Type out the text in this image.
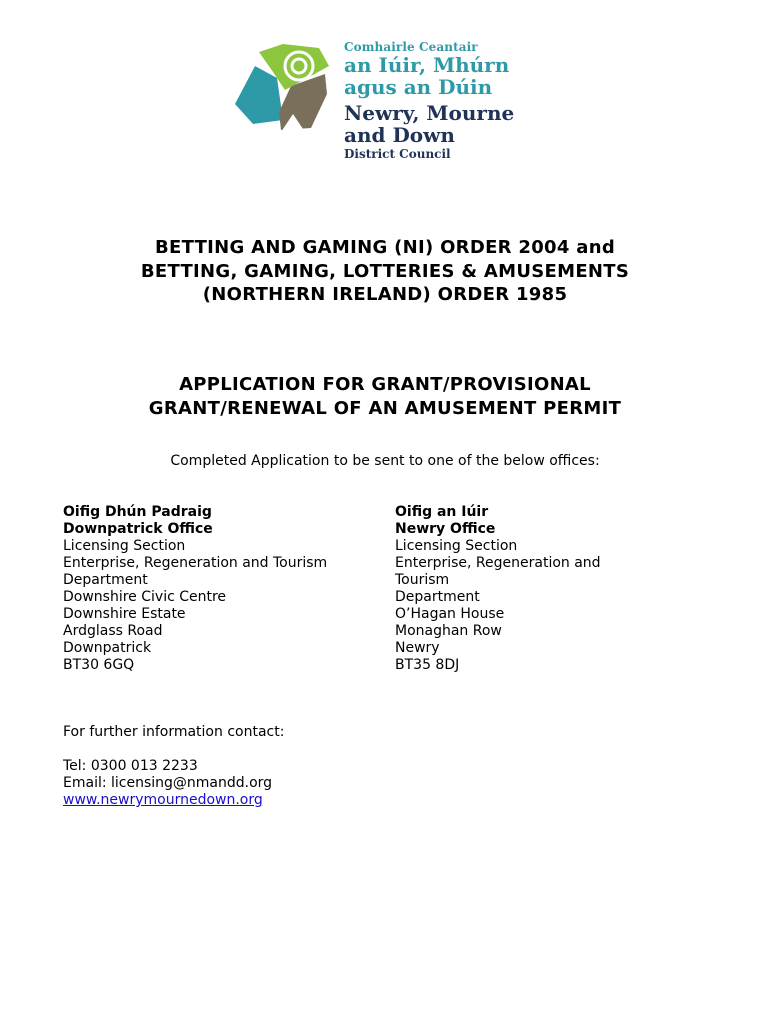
Comhairle Ceantair
an Iúir, Mhúrn
agus an Dúin
Newry, Mourne
and Down
District Council
BETTING AND GAMING (NI) ORDER 2004 and
BETTING, GAMING, LOTTERIES & AMUSEMENTS
(NORTHERN IRELAND) ORDER 1985
APPLICATION FOR GRANT/PROVISIONAL
GRANT/RENEWAL OF AN AMUSEMENT PERMIT
Completed Application to be sent to one of the below offices:
Oifig Dhún Padraig
Downpatrick Office
Licensing Section
Enterprise, Regeneration and Tourism
Department
Downshire Civic Centre
Downshire Estate
Ardglass Road
Downpatrick
BT30 6GQ
Oifig an Iúir
Newry Office
Licensing Section
Enterprise, Regeneration and
Tourism
Department
O’Hagan House
Monaghan Row
Newry
BT35 8DJ
For further information contact:
Tel: 0300 013 2233
Email: licensing@nmandd.org
www.newrymournedown.org
